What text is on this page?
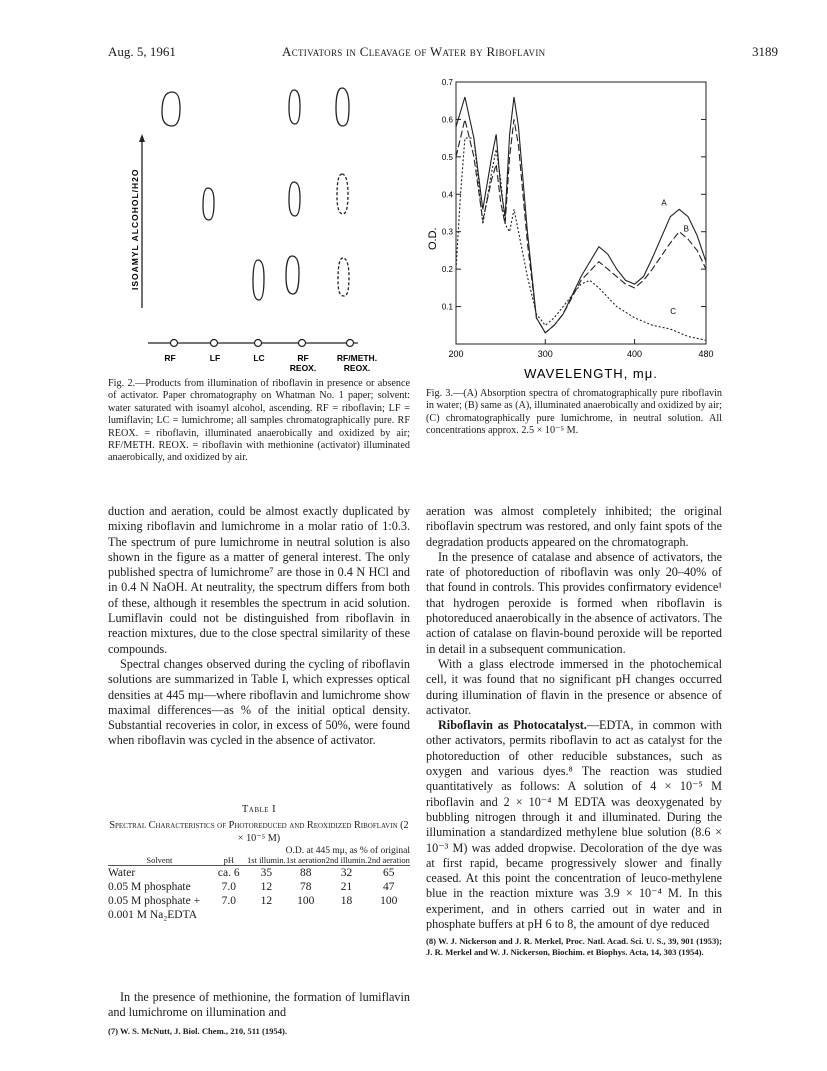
Aug. 5, 1961	Activators in Cleavage of Water by Riboflavin	3189
ISOAMYL ALCOHOL/H2O
RF	LF	LC	RF	RF/METH.
REOX.	REOX.
Fig. 2.—Products from illumination of riboflavin in presence or absence of activator. Paper chromatography on Whatman No. 1 paper; solvent: water saturated with isoamyl alcohol, ascending. RF = riboflavin; LF = lumiflavin; LC = lumichrome; all samples chromatographically pure. RF REOX. = riboflavin, illuminated anaerobically and oxidized by air; RF/METH. REOX. = riboflavin with methionine (activator) illuminated anaerobically, and oxidized by air.
0.1
0.2
0.3
0.4
0.5
0.6
0.7
200	300	400	480
A
B
C
O.D.
WAVELENGTH, mμ.
Fig. 3.—(A) Absorption spectra of chromatographically pure riboflavin in water; (B) same as (A), illuminated anaerobically and oxidized by air; (C) chromatographically pure lumichrome, in neutral solution. All concentrations approx. 2.5 × 10⁻⁵ M.

duction and aeration, could be almost exactly duplicated by mixing riboflavin and lumichrome in a molar ratio of 1:0.3. The spectrum of pure lumichrome in neutral solution is also shown in the figure as a matter of general interest. The only published spectra of lumichrome⁷ are those in 0.4 N HCl and in 0.4 N NaOH. At neutrality, the spectrum differs from both of these, although it resembles the spectrum in acid solution. Lumiflavin could not be distinguished from riboflavin in reaction mixtures, due to the close spectral similarity of these compounds.

Spectral changes observed during the cycling of riboflavin solutions are summarized in Table I, which expresses optical densities at 445 mμ—where riboflavin and lumichrome show maximal differences—as % of the initial optical density. Substantial recoveries in color, in excess of 50%, were found when riboflavin was cycled in the absence of activator.

Table I
Spectral Characteristics of Photoreduced and Reoxidized Riboflavin (2 × 10⁻⁵ M)
		O.D. at 445 mμ, as % of original			
Solvent	pH	1st illumin.	1st aeration	2nd illumin.	2nd aeration
Water	ca. 6	35	88	32	65
0.05 M phosphate	7.0	12	78	21	47
0.05 M phosphate +	7.0	12	100	18	100
0.001 M Na₂EDTA					

In the presence of methionine, the formation of lumiflavin and lumichrome on illumination and

(7) W. S. McNutt, J. Biol. Chem., 210, 511 (1954).

aeration was almost completely inhibited; the original riboflavin spectrum was restored, and only faint spots of the degradation products appeared on the chromatograph.

In the presence of catalase and absence of activators, the rate of photoreduction of riboflavin was only 20–40% of that found in controls. This provides confirmatory evidence¹ that hydrogen peroxide is formed when riboflavin is photoreduced anaerobically in the absence of activators. The action of catalase on flavin-bound peroxide will be reported in detail in a subsequent communication.

With a glass electrode immersed in the photochemical cell, it was found that no significant pH changes occurred during illumination of flavin in the presence or absence of activator.

Riboflavin as Photocatalyst.—EDTA, in common with other activators, permits riboflavin to act as catalyst for the photoreduction of other reducible substances, such as oxygen and various dyes.⁸ The reaction was studied quantitatively as follows: A solution of 4 × 10⁻⁵ M riboflavin and 2 × 10⁻⁴ M EDTA was deoxygenated by bubbling nitrogen through it and illuminated. During the illumination a standardized methylene blue solution (8.6 × 10⁻³ M) was added dropwise. Decoloration of the dye was at first rapid, became progressively slower and finally ceased. At this point the concentration of leuco-methylene blue in the reaction mixture was 3.9 × 10⁻⁴ M. In this experiment, and in others carried out in water and in phosphate buffers at pH 6 to 8, the amount of dye reduced

(8) W. J. Nickerson and J. R. Merkel, Proc. Natl. Acad. Sci. U. S., 39, 901 (1953); J. R. Merkel and W. J. Nickerson, Biochim. et Biophys. Acta, 14, 303 (1954).
